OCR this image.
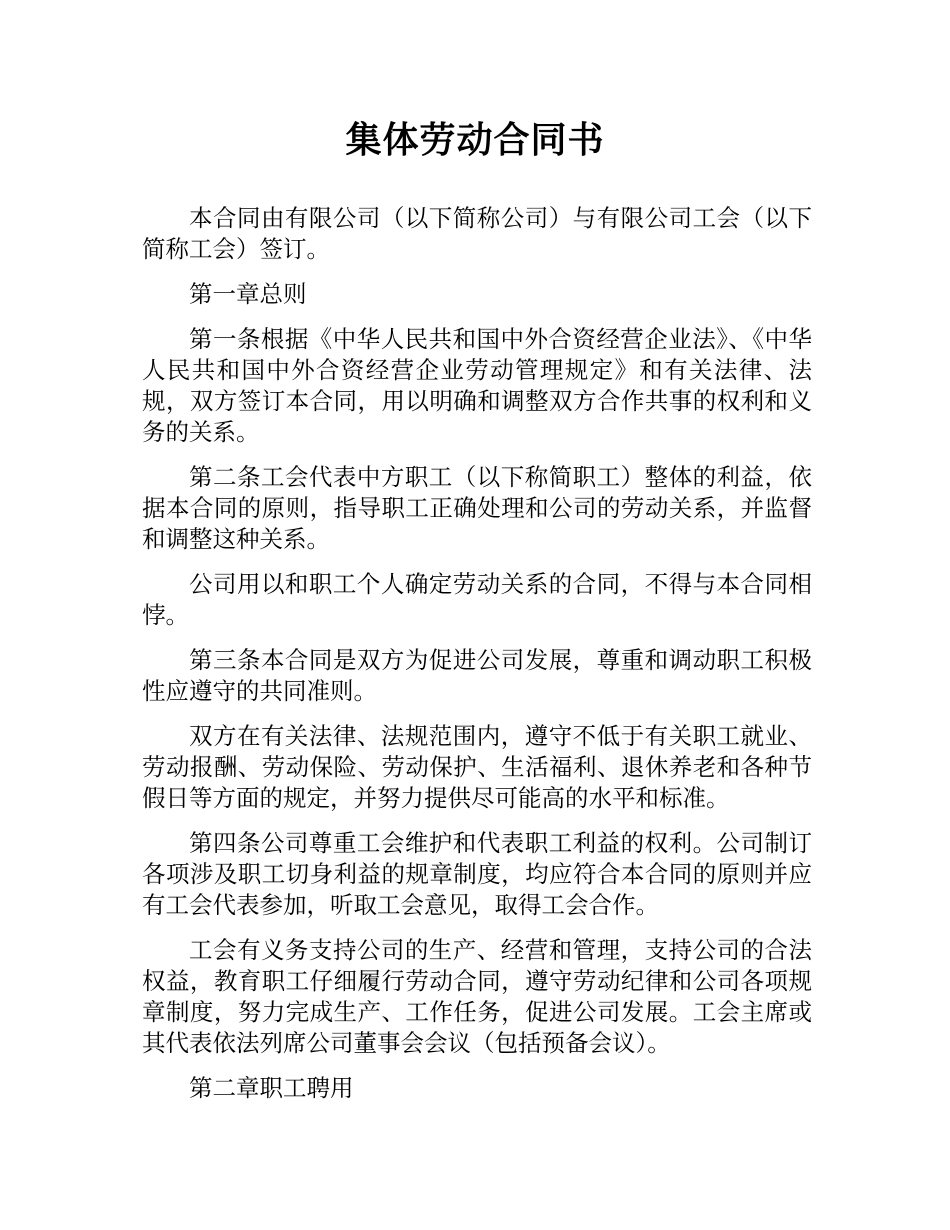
集体劳动合同书

本合同由有限公司（以下简称公司）与有限公司工会（以下简称工会）签订。

第一章总则

第一条根据《中华人民共和国中外合资经营企业法》、《中华人民共和国中外合资经营企业劳动管理规定》和有关法律、法规，双方签订本合同，用以明确和调整双方合作共事的权利和义务的关系。

第二条工会代表中方职工（以下称简职工）整体的利益，依据本合同的原则，指导职工正确处理和公司的劳动关系，并监督和调整这种关系。

公司用以和职工个人确定劳动关系的合同，不得与本合同相悖。

第三条本合同是双方为促进公司发展，尊重和调动职工积极性应遵守的共同准则。

双方在有关法律、法规范围内，遵守不低于有关职工就业、劳动报酬、劳动保险、劳动保护、生活福利、退休养老和各种节假日等方面的规定，并努力提供尽可能高的水平和标准。

第四条公司尊重工会维护和代表职工利益的权利。公司制订各项涉及职工切身利益的规章制度，均应符合本合同的原则并应有工会代表参加，听取工会意见，取得工会合作。

工会有义务支持公司的生产、经营和管理，支持公司的合法权益，教育职工仔细履行劳动合同，遵守劳动纪律和公司各项规章制度，努力完成生产、工作任务，促进公司发展。工会主席或其代表依法列席公司董事会会议（包括预备会议）。

第二章职工聘用
